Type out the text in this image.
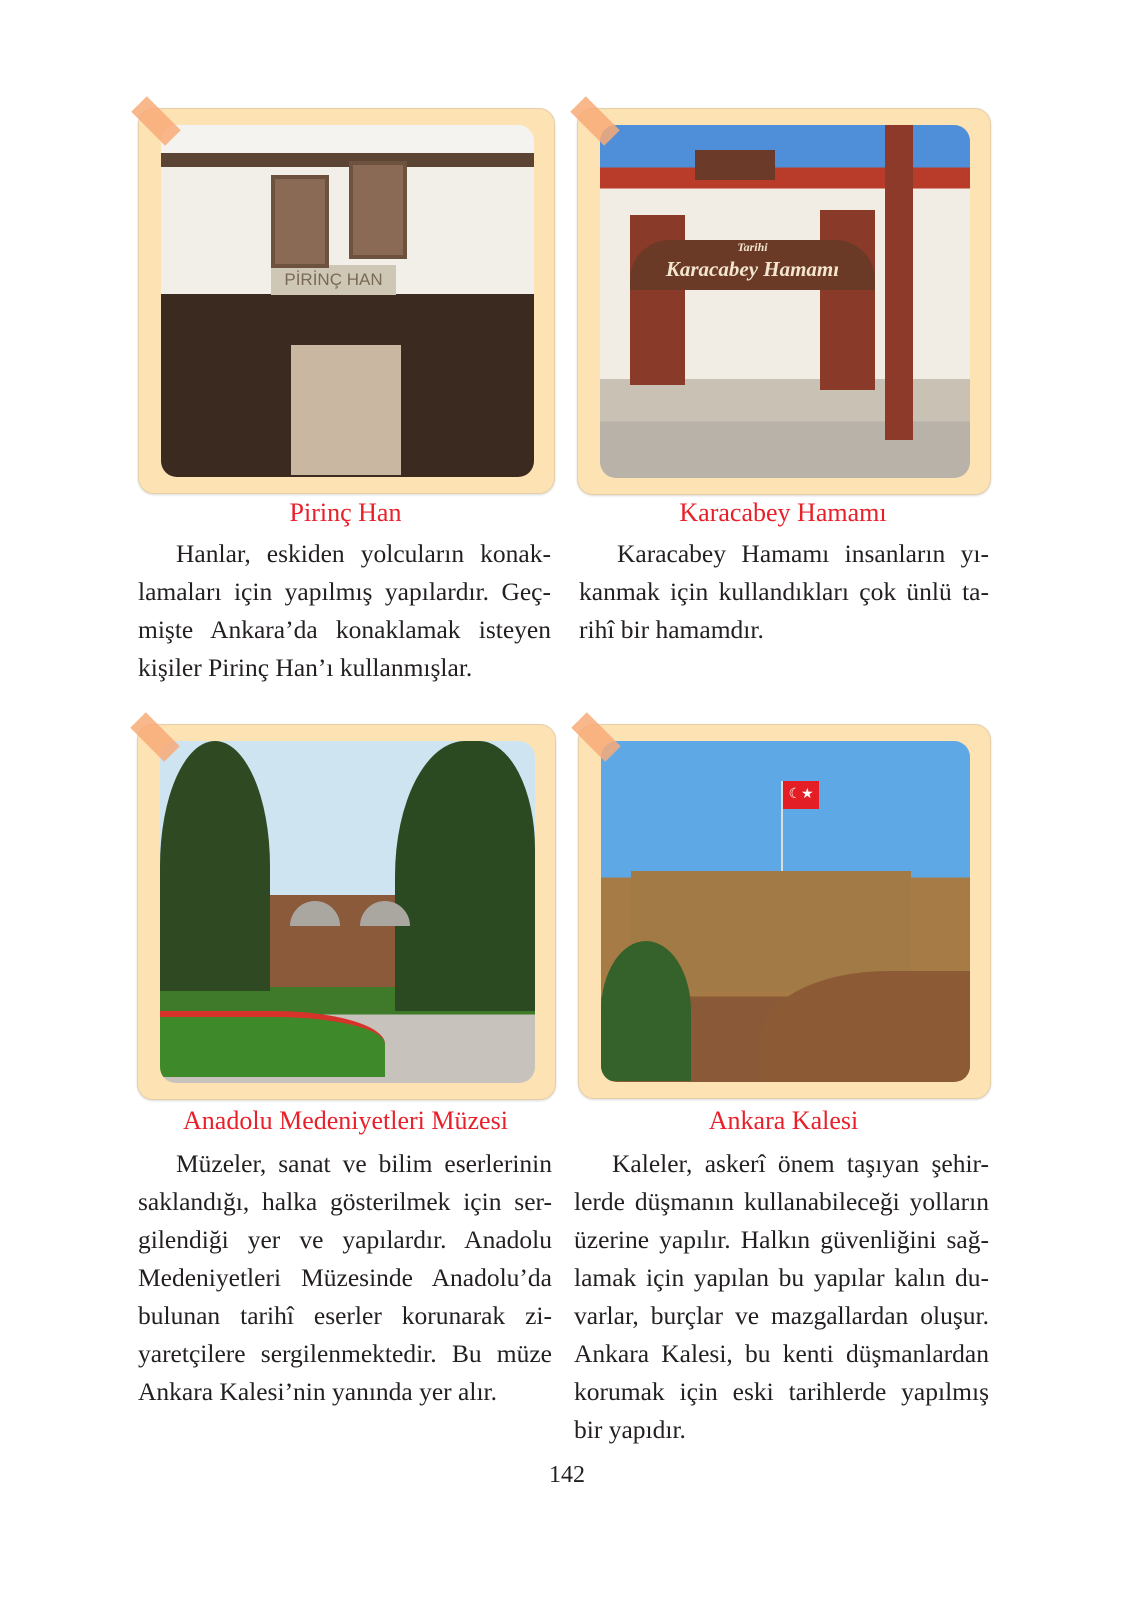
PİRİNÇ HAN
Tarihi
Karacabey Hamamı
☾★
Pirinç Han	Karacabey Hamamı
Anadolu Medeniyetleri Müzesi	Ankara Kalesi
Hanlar, eskiden yolcuların konak-
lamaları için yapılmış yapılardır. Geç-
mişte Ankara’da konaklamak isteyen
kişiler Pirinç Han’ı kullanmışlar.
Karacabey Hamamı insanların yı-
kanmak için kullandıkları çok ünlü ta-
rihî bir hamamdır.
Müzeler, sanat ve bilim eserlerinin
saklandığı, halka gösterilmek için ser-
gilendiği yer ve yapılardır. Anadolu
Medeniyetleri Müzesinde Anadolu’da
bulunan tarihî eserler korunarak zi-
yaretçilere sergilenmektedir. Bu müze
Ankara Kalesi’nin yanında yer alır.
Kaleler, askerî önem taşıyan şehir-
lerde düşmanın kullanabileceği yolların
üzerine yapılır. Halkın güvenliğini sağ-
lamak için yapılan bu yapılar kalın du-
varlar, burçlar ve mazgallardan oluşur.
Ankara Kalesi, bu kenti düşmanlardan
korumak için eski tarihlerde yapılmış
bir yapıdır.
142
